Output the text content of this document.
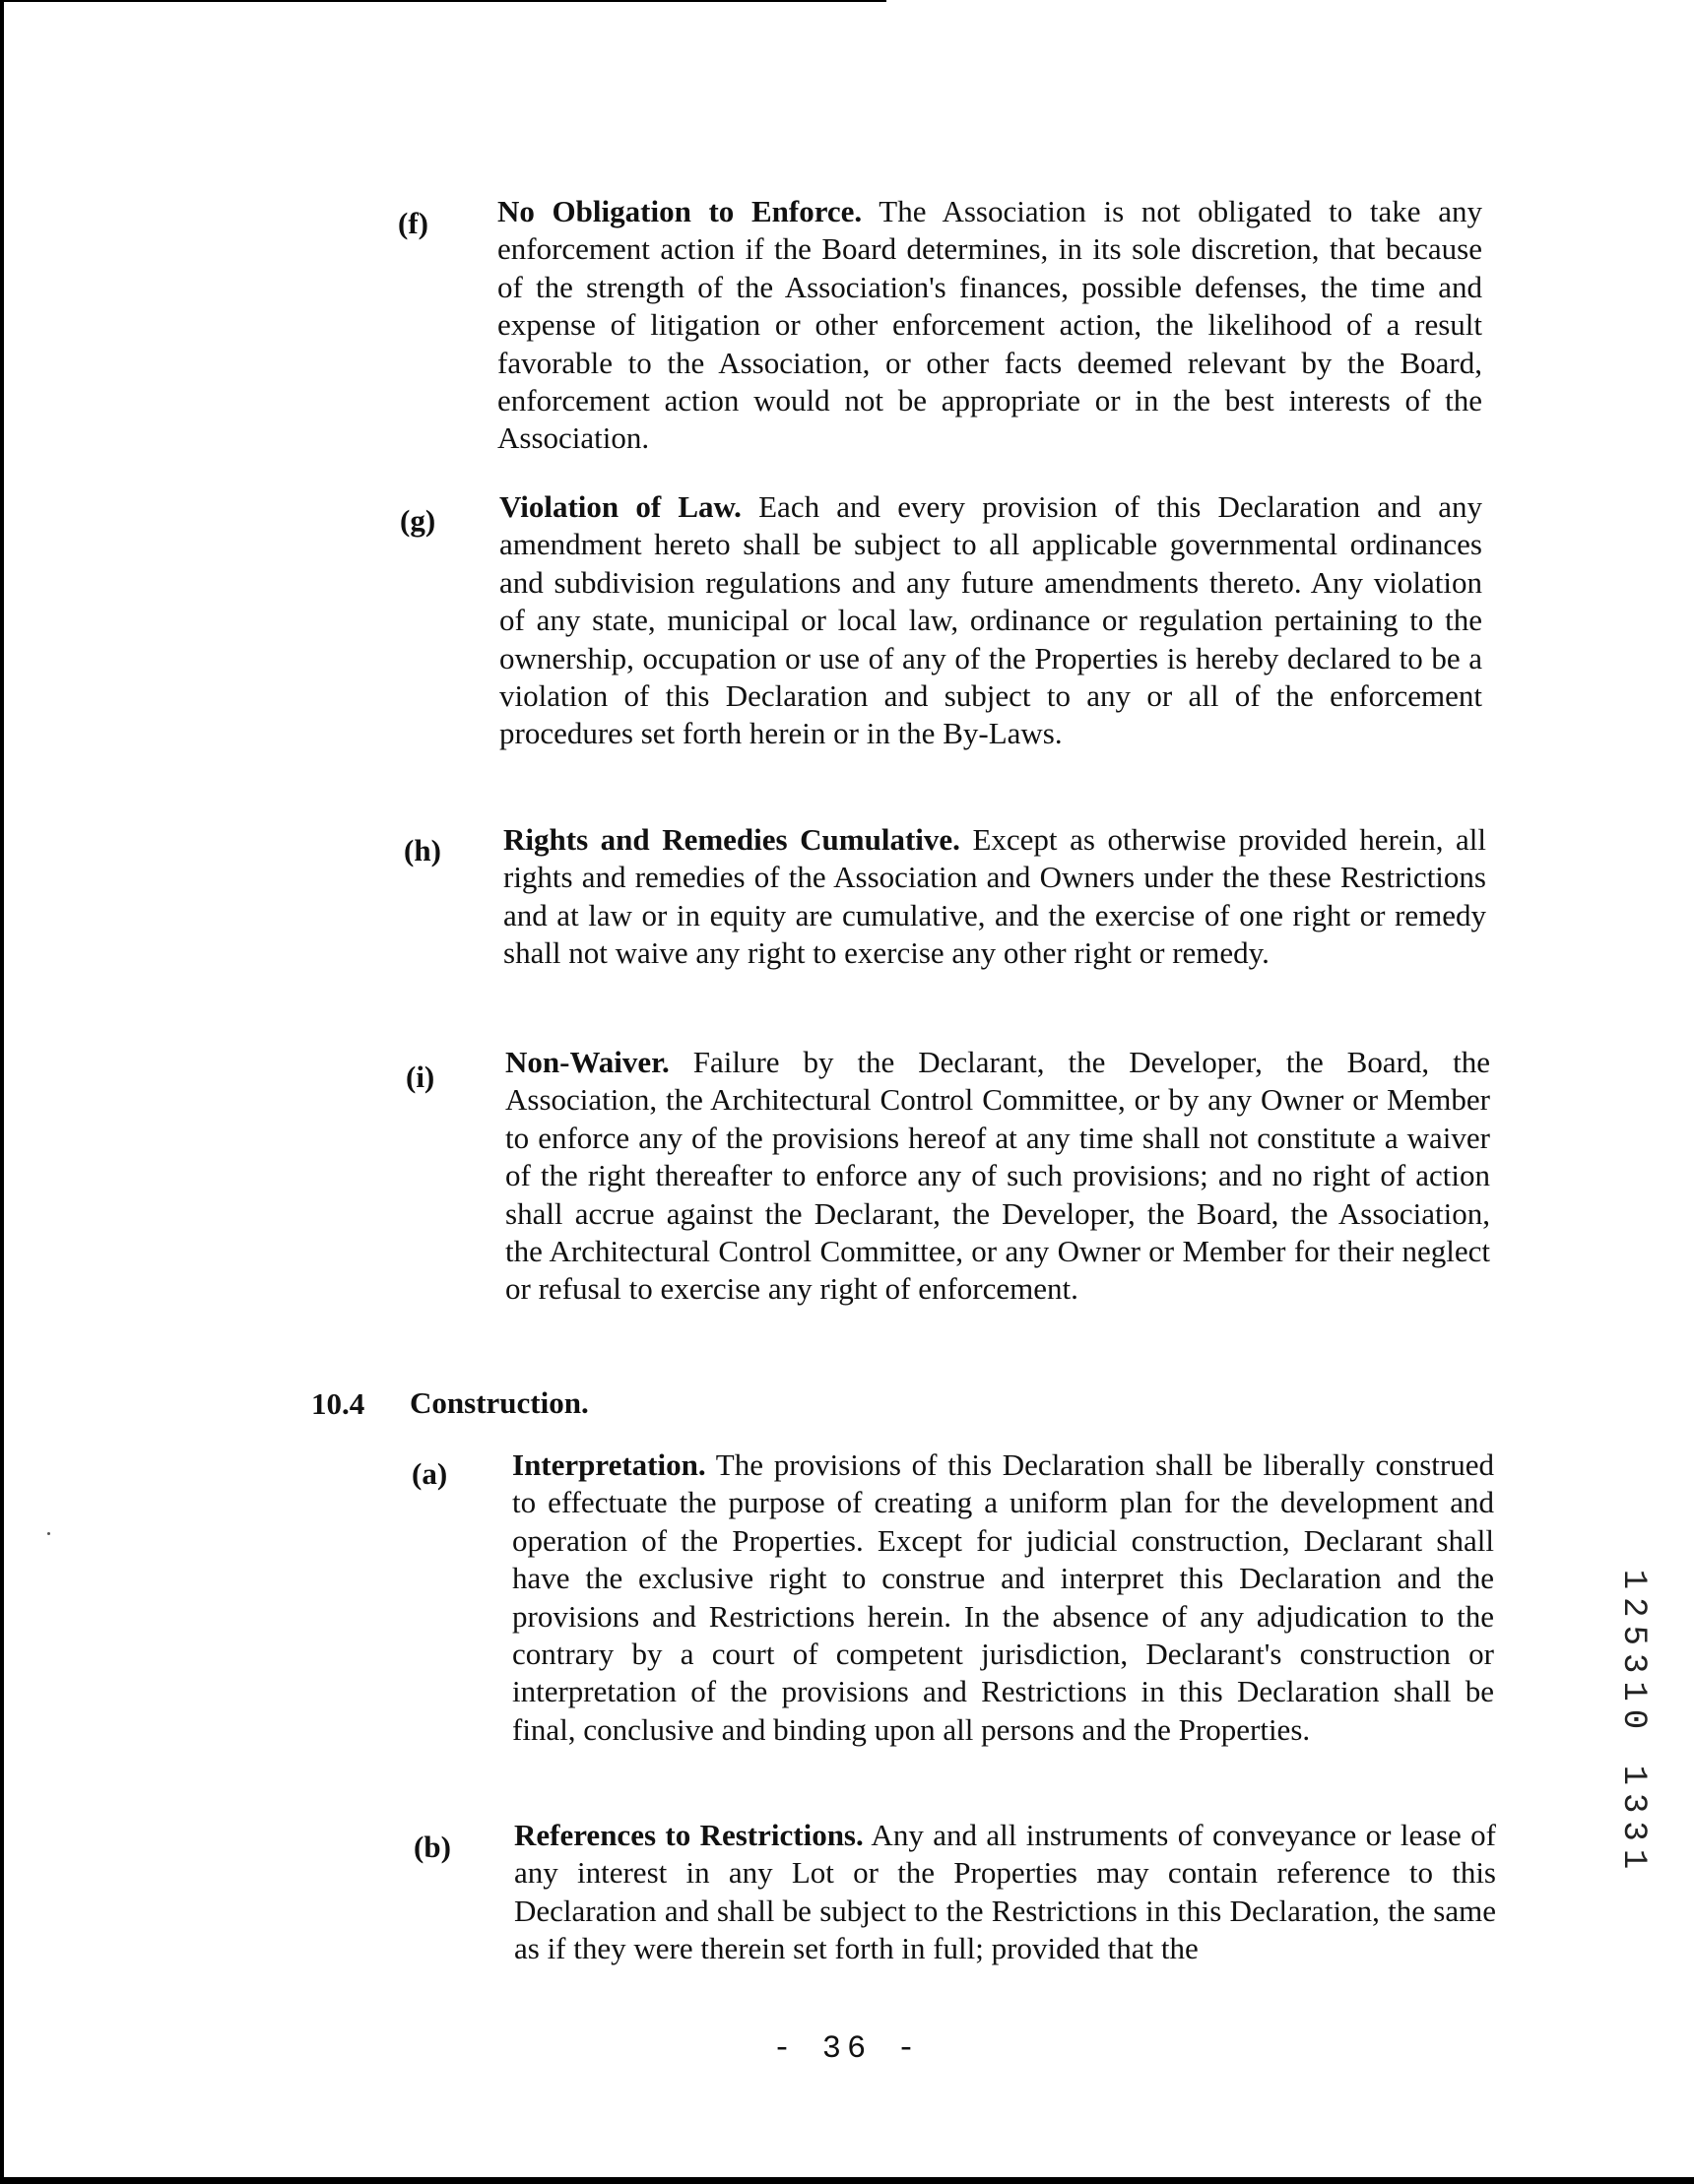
(f) No Obligation to Enforce. The Association is not obligated to take any enforcement action if the Board determines, in its sole discretion, that because of the strength of the Association's finances, possible defenses, the time and expense of litigation or other enforcement action, the likelihood of a result favorable to the Association, or other facts deemed relevant by the Board, enforcement action would not be appropriate or in the best interests of the Association.
(g) Violation of Law. Each and every provision of this Declaration and any amendment hereto shall be subject to all applicable governmental ordinances and subdivision regulations and any future amendments thereto. Any violation of any state, municipal or local law, ordinance or regulation pertaining to the ownership, occupation or use of any of the Properties is hereby declared to be a violation of this Declaration and subject to any or all of the enforcement procedures set forth herein or in the By-Laws.
(h) Rights and Remedies Cumulative. Except as otherwise provided herein, all rights and remedies of the Association and Owners under the these Restrictions and at law or in equity are cumulative, and the exercise of one right or remedy shall not waive any right to exercise any other right or remedy.
(i) Non-Waiver. Failure by the Declarant, the Developer, the Board, the Association, the Architectural Control Committee, or by any Owner or Member to enforce any of the provisions hereof at any time shall not constitute a waiver of the right thereafter to enforce any of such provisions; and no right of action shall accrue against the Declarant, the Developer, the Board, the Association, the Architectural Control Committee, or any Owner or Member for their neglect or refusal to exercise any right of enforcement.
10.4 Construction.
(a) Interpretation. The provisions of this Declaration shall be liberally construed to effectuate the purpose of creating a uniform plan for the development and operation of the Properties. Except for judicial construction, Declarant shall have the exclusive right to construe and interpret this Declaration and the provisions and Restrictions herein. In the absence of any adjudication to the contrary by a court of competent jurisdiction, Declarant's construction or interpretation of the provisions and Restrictions in this Declaration shall be final, conclusive and binding upon all persons and the Properties.
(b) References to Restrictions. Any and all instruments of conveyance or lease of any interest in any Lot or the Properties may contain reference to this Declaration and shall be subject to the Restrictions in this Declaration, the same as if they were therein set forth in full; provided that the
- 36 -
125310 1331
